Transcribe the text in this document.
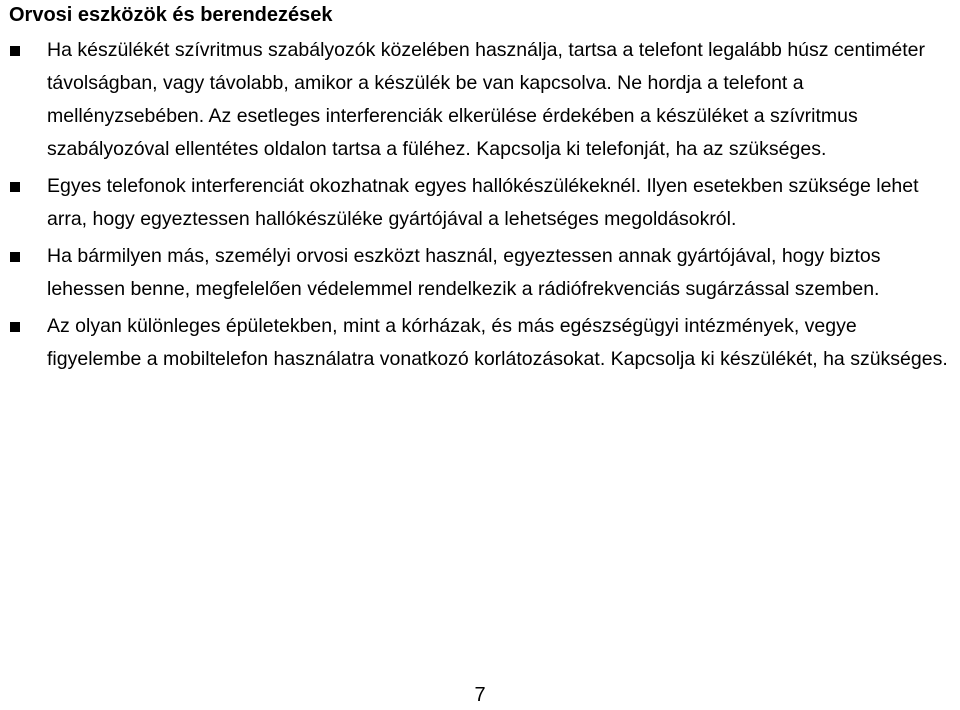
Orvosi eszközök és berendezések
Ha készülékét szívritmus szabályozók közelében használja, tartsa a telefont legalább húsz centiméter távolságban, vagy távolabb, amikor a készülék be van kapcsolva. Ne hordja a telefont a mellényzsebében. Az esetleges interferenciák elkerülése érdekében a készüléket a szívritmus szabályozóval ellentétes oldalon tartsa a füléhez. Kapcsolja ki telefonját, ha az szükséges.
Egyes telefonok interferenciát okozhatnak egyes hallókészülékeknél. Ilyen esetekben szüksége lehet arra, hogy egyeztessen hallókészüléke gyártójával a lehetséges megoldásokról.
Ha bármilyen más, személyi orvosi eszközt használ, egyeztessen annak gyártójával, hogy biztos lehessen benne, megfelelően védelemmel rendelkezik a rádiófrekvenciás sugárzással szemben.
Az olyan különleges épületekben, mint a kórházak, és más egészségügyi intézmények, vegye figyelembe a mobiltelefon használatra vonatkozó korlátozásokat. Kapcsolja ki készülékét, ha szükséges.
7
